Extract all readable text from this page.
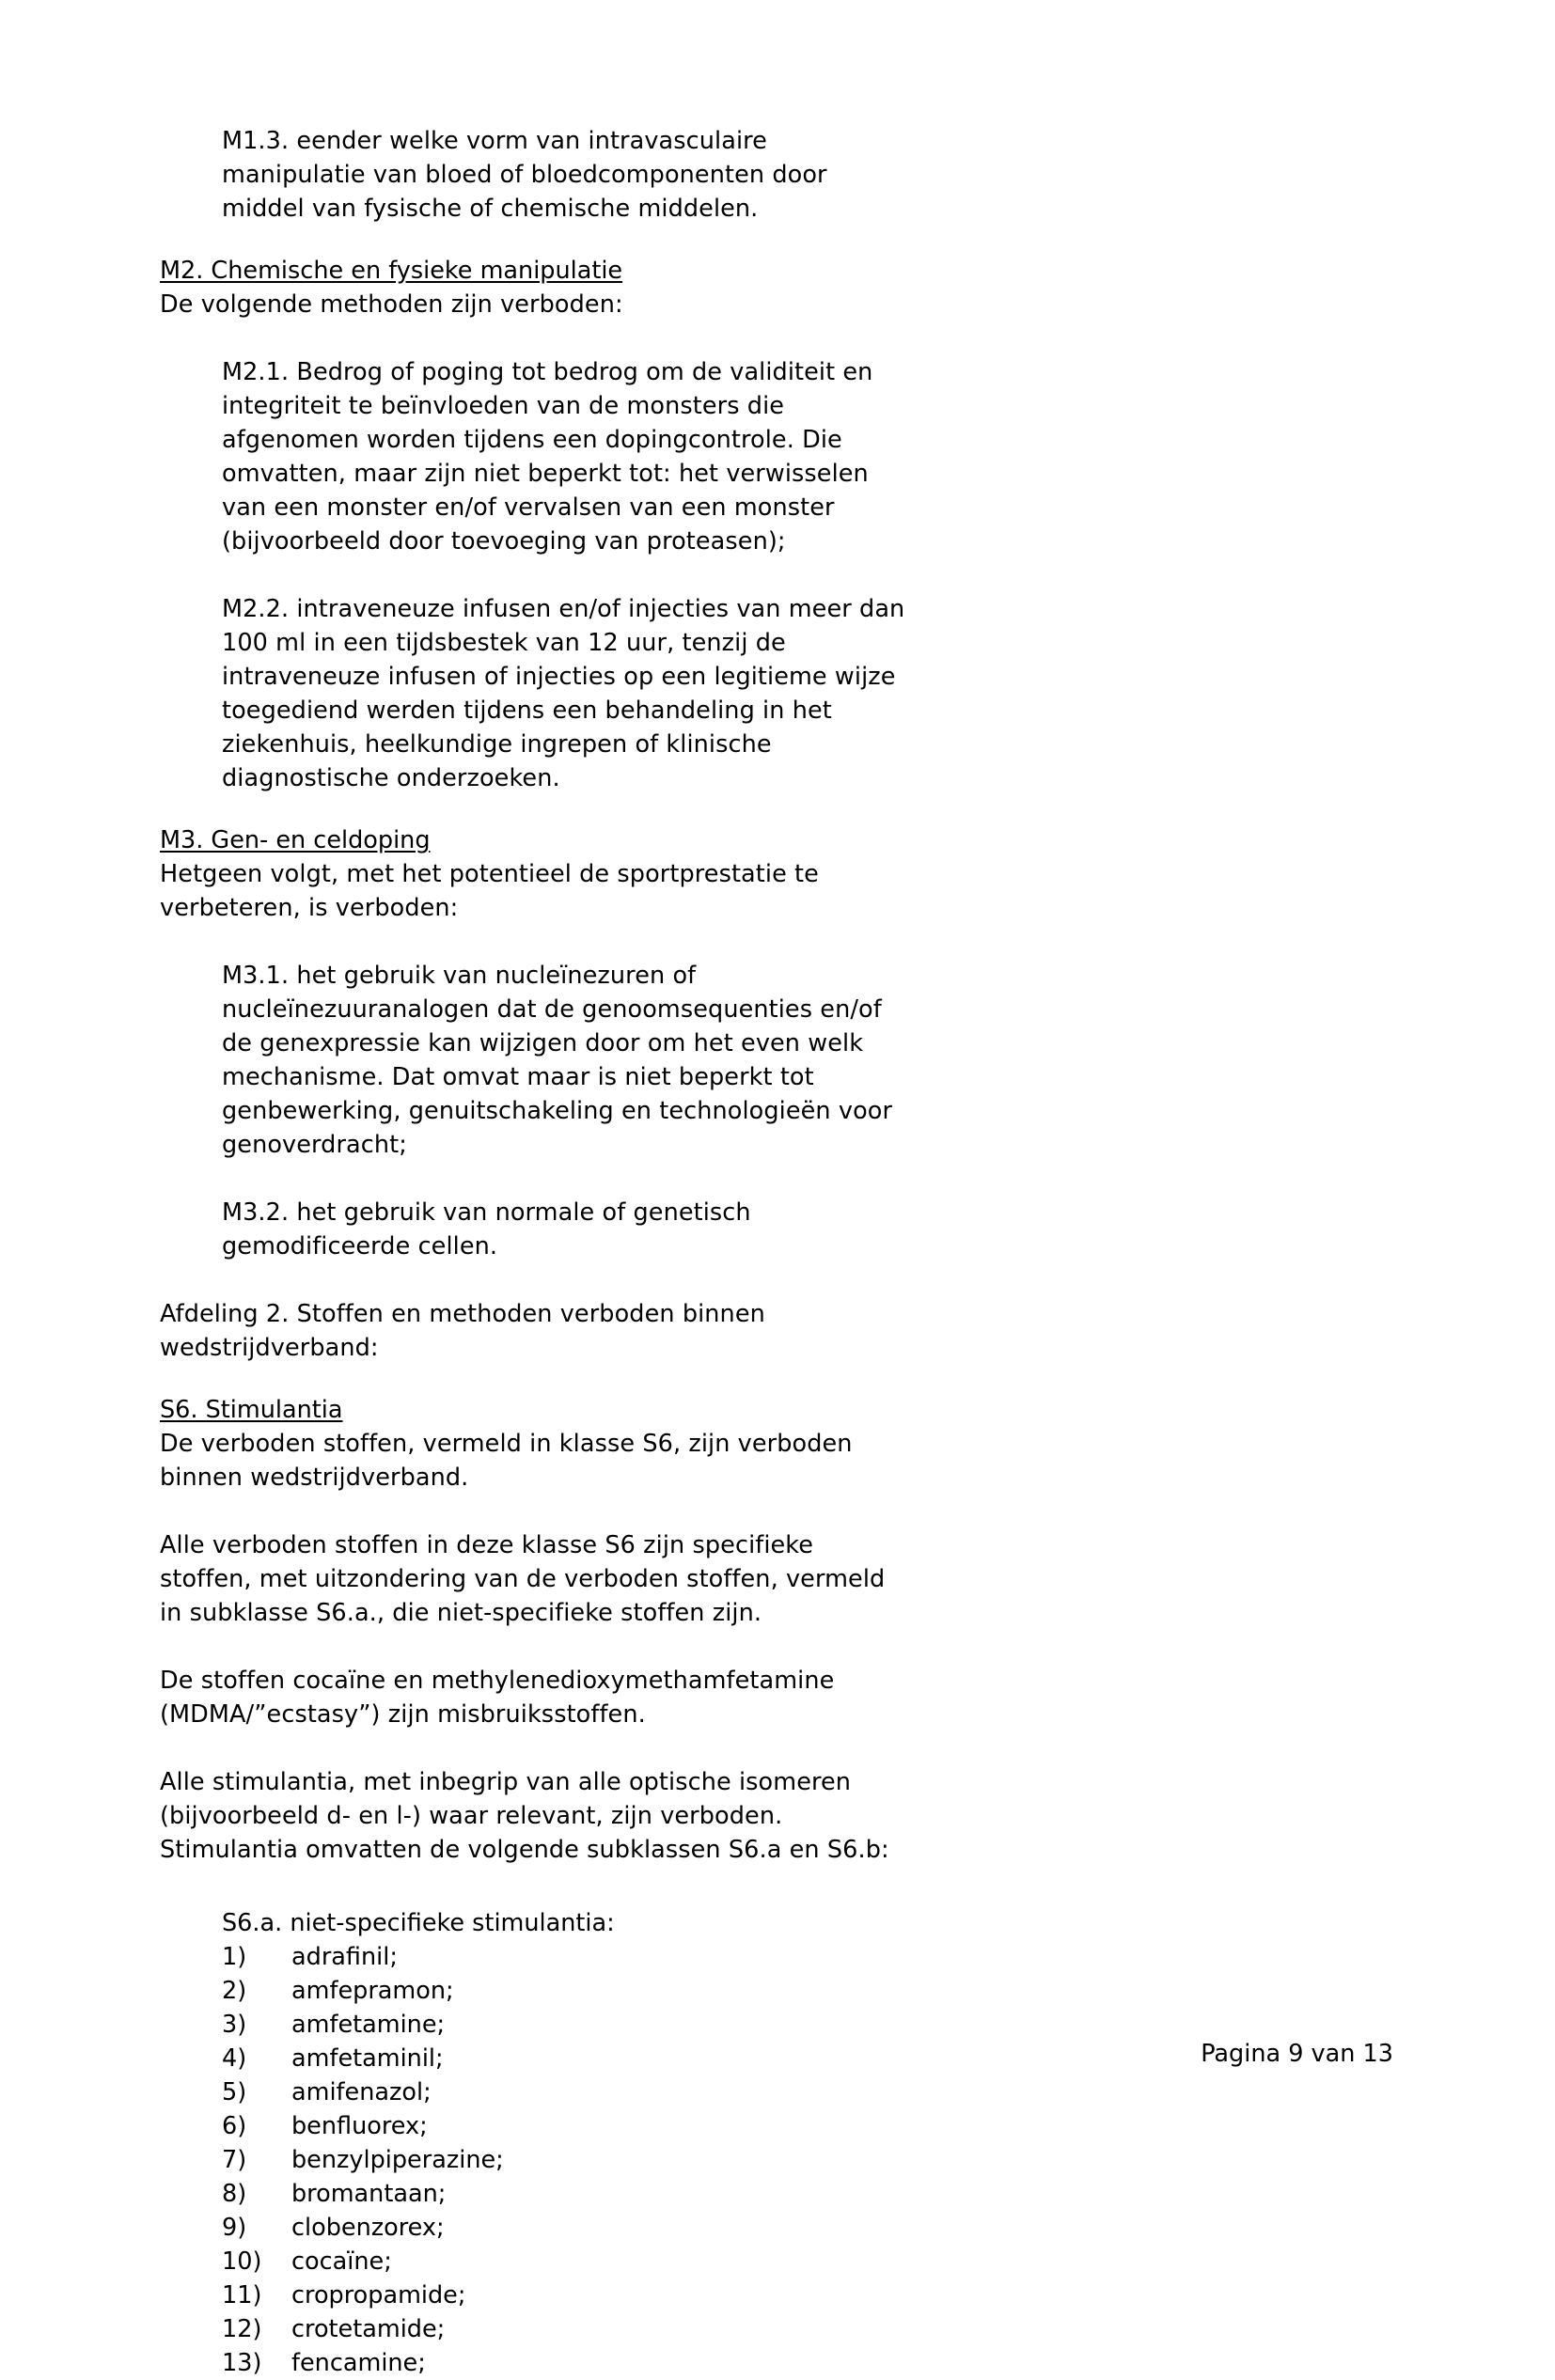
M1.3. eender welke vorm van intravasculaire manipulatie van bloed of bloedcomponenten door middel van fysische of chemische middelen.

M2. Chemische en fysieke manipulatie

De volgende methoden zijn verboden:

M2.1. Bedrog of poging tot bedrog om de validiteit en integriteit te beïnvloeden van de monsters die afgenomen worden tijdens een dopingcontrole. Die omvatten, maar zijn niet beperkt tot: het verwisselen van een monster en/of vervalsen van een monster (bijvoorbeeld door toevoeging van proteasen);

M2.2. intraveneuze infusen en/of injecties van meer dan 100 ml in een tijdsbestek van 12 uur, tenzij de intraveneuze infusen of injecties op een legitieme wijze toegediend werden tijdens een behandeling in het ziekenhuis, heelkundige ingrepen of klinische diagnostische onderzoeken.

M3. Gen- en celdoping

Hetgeen volgt, met het potentieel de sportprestatie te verbeteren, is verboden:

M3.1. het gebruik van nucleïnezuren of nucleïnezuuranalogen dat de genoomsequenties en/of de genexpressie kan wijzigen door om het even welk mechanisme. Dat omvat maar is niet beperkt tot genbewerking, genuitschakeling en technologieën voor genoverdracht;

M3.2. het gebruik van normale of genetisch gemodificeerde cellen.

Afdeling 2. Stoffen en methoden verboden binnen wedstrijdverband:

S6. Stimulantia

De verboden stoffen, vermeld in klasse S6, zijn verboden binnen wedstrijdverband.

Alle verboden stoffen in deze klasse S6 zijn specifieke stoffen, met uitzondering van de verboden stoffen, vermeld in subklasse S6.a., die niet-specifieke stoffen zijn.

De stoffen cocaïne en methylenedioxymethamfetamine (MDMA/”ecstasy”) zijn misbruiksstoffen.

Alle stimulantia, met inbegrip van alle optische isomeren (bijvoorbeeld d- en l-) waar relevant, zijn verboden. Stimulantia omvatten de volgende subklassen S6.a en S6.b:

S6.a. niet-specifieke stimulantia:

1)	adrafinil;
2)	amfepramon;
3)	amfetamine;
4)	amfetaminil;
5)	amifenazol;
6)	benfluorex;
7)	benzylpiperazine;
8)	bromantaan;
9)	clobenzorex;
10)	cocaïne;
11)	cropropamide;
12)	crotetamide;
13)	fencamine;
Pagina 9 van 13
